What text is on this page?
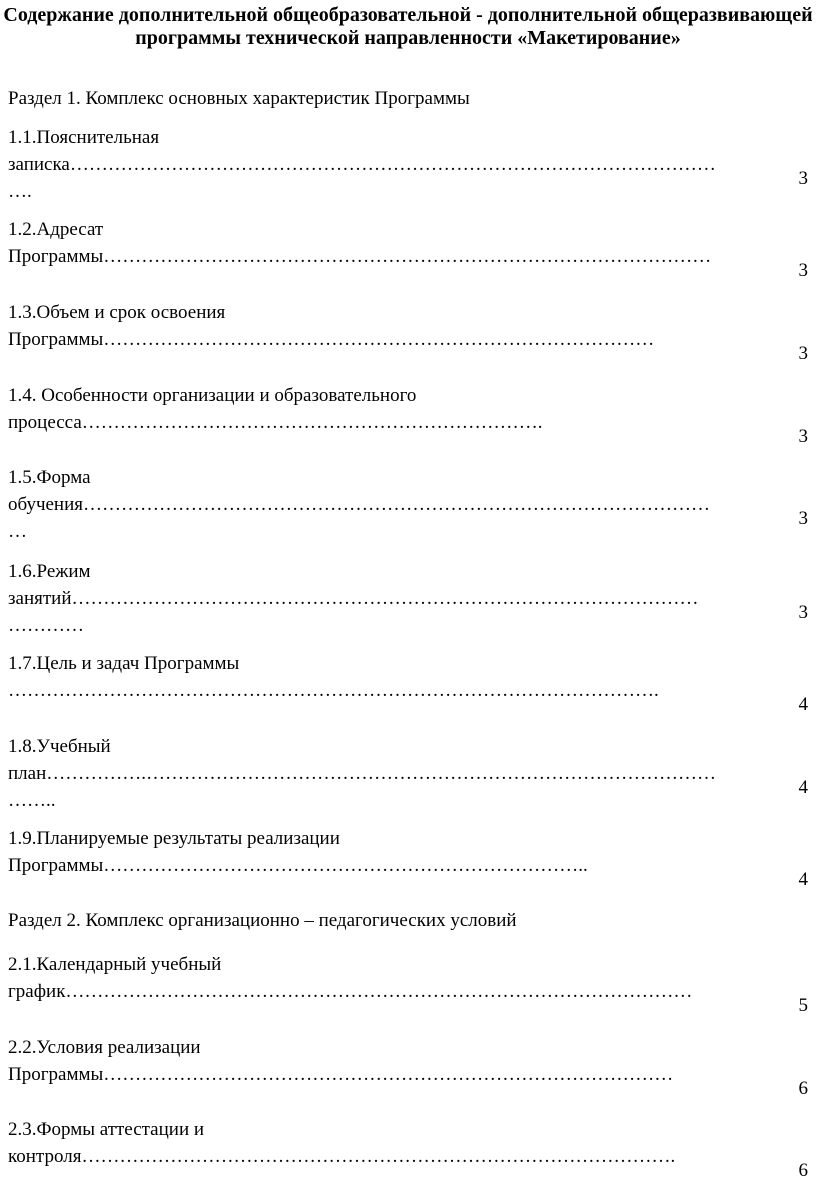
Содержание дополнительной общеобразовательной - дополнительной общеразвивающей
программы технической направленности «Макетирование»
Раздел 1. Комплекс основных характеристик Программы
1.1.Пояснительная
записка…………………………………………………………………………………………
….
3
1.2.Адресат
Программы……………………………………………………………………………………
3
1.3.Объем и срок освоения
Программы……………………………………………………………………………
3
1.4. Особенности организации и образовательного
процесса……………………………………………………………….
3
1.5.Форма
обучения………………………………………………………………………………………
…
3
1.6.Режим
занятий………………………………………………………………………………………
…………
3
1.7.Цель и задач Программы
………………………………………………………………………………………….
4
1.8.Учебный
план…………….………………………………………………………………………………
……..
4
1.9.Планируемые результаты реализации
Программы…………………………………………………………………..
4
Раздел 2. Комплекс организационно – педагогических условий
2.1.Календарный учебный
график………………………………………………………………………………………
5
2.2.Условия реализации
Программы………………………………………………………………………………
6
2.3.Формы аттестации и
контроля………………………………………………………………………………….
6
